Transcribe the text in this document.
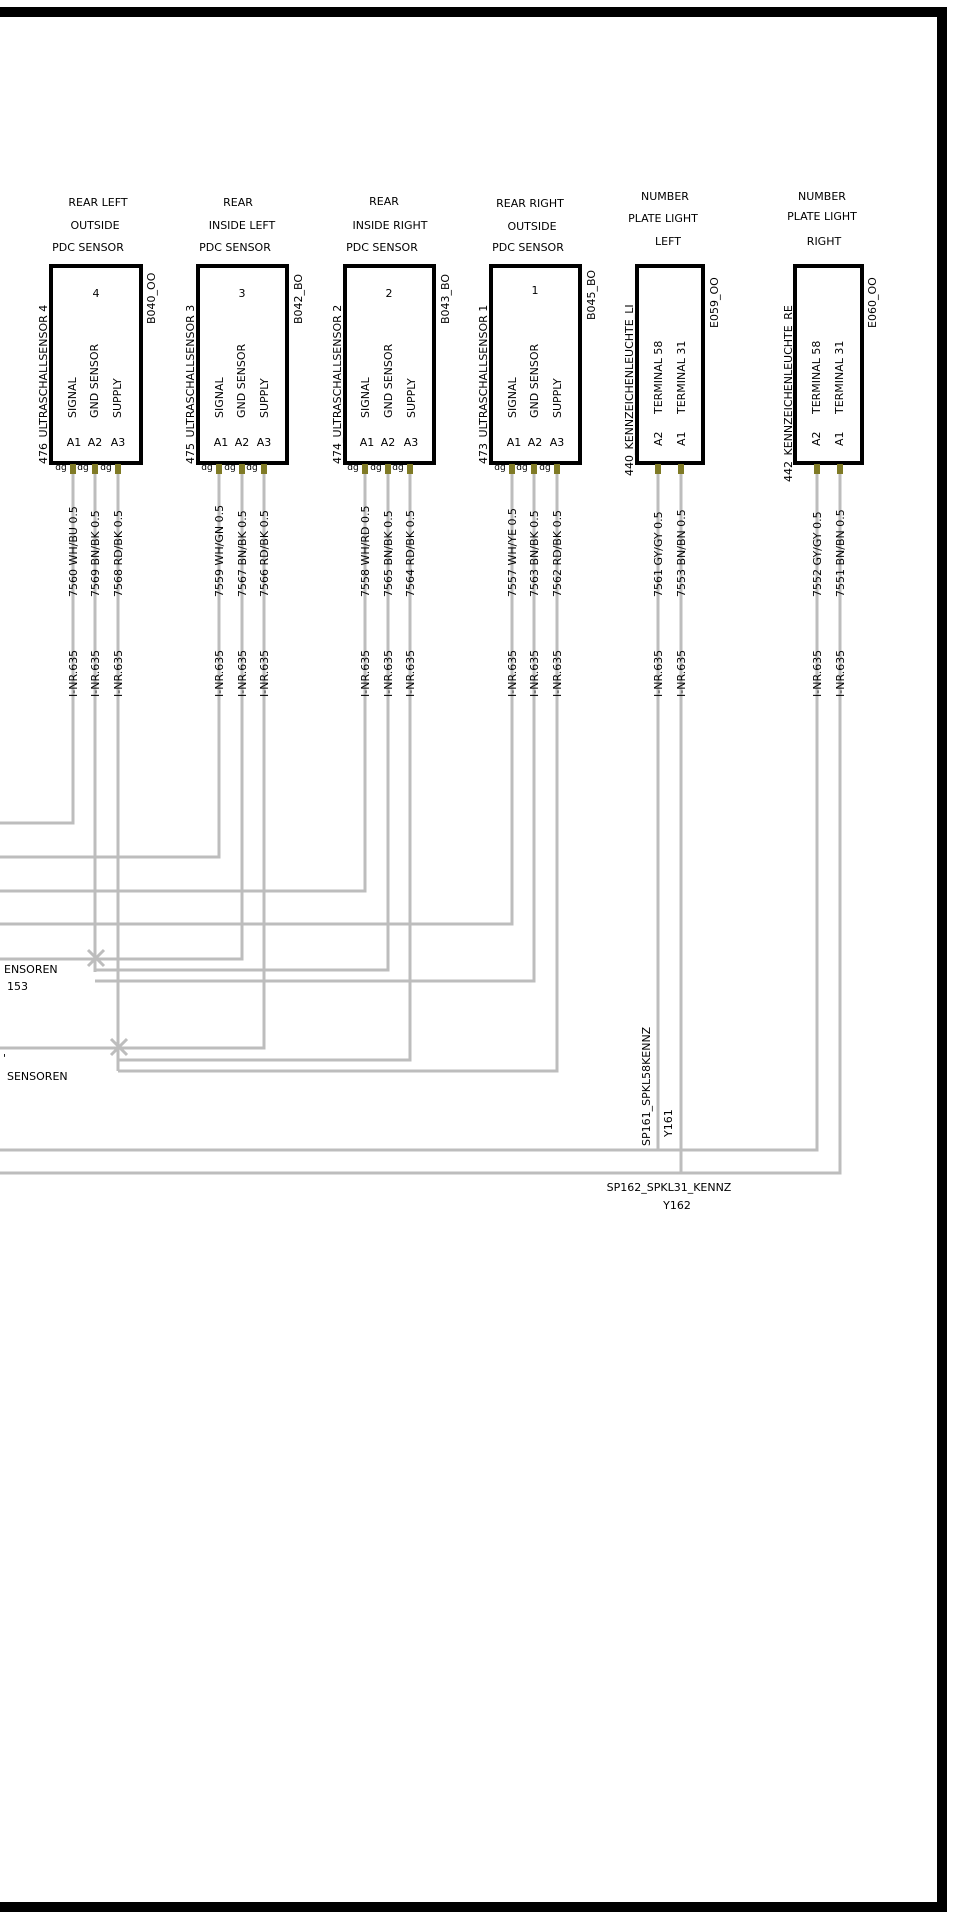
REAR LEFT
OUTSIDE
PDC SENSOR
4
476_ULTRASCHALLSENSOR 4
B040_OO
SIGNAL GND SENSOR SUPPLY
A1 A2 A3
REAR
INSIDE LEFT
PDC SENSOR
3
475_ULTRASCHALLSENSOR 3
B042_BO
SIGNAL GND SENSOR SUPPLY
A1 A2 A3
REAR
INSIDE RIGHT
PDC SENSOR
2
474_ULTRASCHALLSENSOR 2
B043_BO
SIGNAL GND SENSOR SUPPLY
A1 A2 A3
REAR RIGHT
OUTSIDE
PDC SENSOR
1
473_ULTRASCHALLSENSOR 1
B045_BO
SIGNAL GND SENSOR SUPPLY
A1 A2 A3
NUMBER
PLATE LIGHT
LEFT
440_KENNZEICHENLEUCHTE_LI
E059_OO
TERMINAL 58 TERMINAL 31
A2 A1
NUMBER
PLATE LIGHT
RIGHT
442_KENNZEICHENLEUCHTE_RE
E060_OO
TERMINAL 58 TERMINAL 31
A2 A1
dg dg dg	dg dg dg	dg dg dg	dg dg dg
7560 WH/BU 0.5
I-NR.635
7569 BN/BK 0.5
I-NR.635
7568 RD/BK 0.5
I-NR.635
7559 WH/GN 0.5
I-NR.635
7567 BN/BK 0.5
I-NR.635
7566 RD/BK 0.5
I-NR.635
7558 WH/RD 0.5
I-NR.635
7565 BN/BK 0.5
I-NR.635
7564 RD/BK 0.5
I-NR.635
7557 WH/YE 0.5
I-NR.635
7563 BN/BK 0.5
I-NR.635
7562 RD/BK 0.5
I-NR.635
7561 GY/GY 0.5
I-NR.635
7553 BN/BN 0.5
I-NR.635
7552 GY/GY 0.5
I-NR.635
7551 BN/BN 0.5
I-NR.635
SP161_SPKL58KENNZ Y161
SP162_SPKL31_KENNZ
Y162
ENSOREN
153
SENSOREN
'
